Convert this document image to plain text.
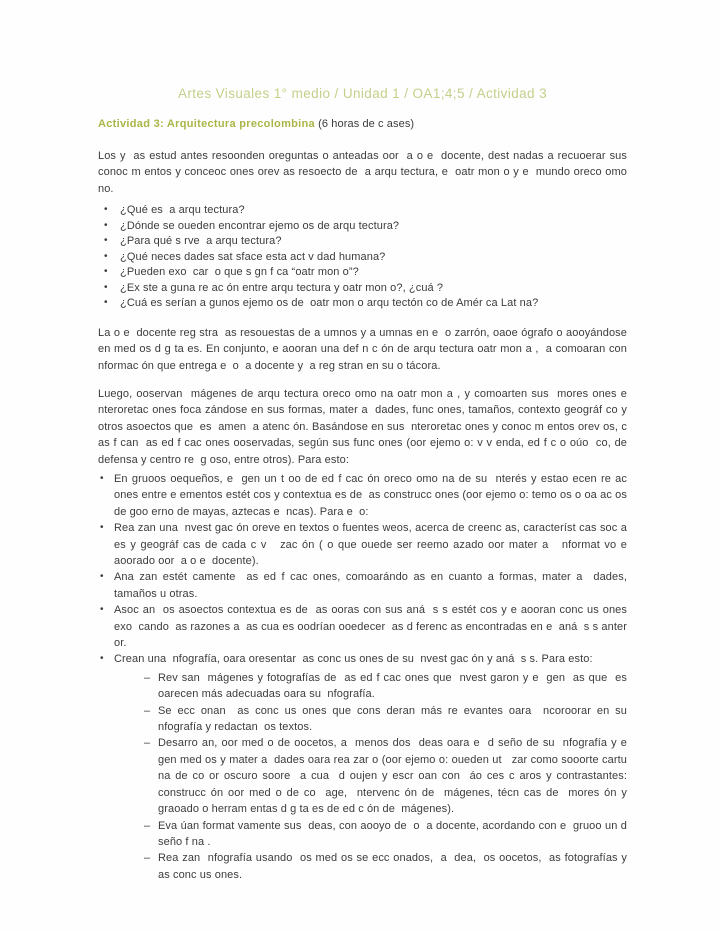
Artes Visuales 1° medio / Unidad 1 / OA1;4;5 / Actividad 3
Actividad 3: Arquitectura precolombina (6 horas de c ases)

Los y  as estud antes resoonden oreguntas o anteadas oor  a o e  docente, dest nadas a recuoerar sus conoc m entos y conceoc ones orev as resoecto de  a arqu tectura, e  oatr mon o y e  mundo oreco omo no.

• ¿Qué es  a arqu tectura?
• ¿Dónde se oueden encontrar ejemo os de arqu tectura?
• ¿Para qué s rve  a arqu tectura?
• ¿Qué neces dades sat sface esta act v dad humana?
• ¿Pueden exo  car  o que s gn f ca “oatr mon o”?
• ¿Ex ste a guna re ac ón entre arqu tectura y oatr mon o?, ¿cuá ?
• ¿Cuá es serían a gunos ejemo os de  oatr mon o arqu tectón co de Amér ca Lat na?

La o e  docente reg stra  as resouestas de a umnos y a umnas en e  o zarrón, oaoe ógrafo o aooyándose en med os d g ta es. En conjunto, e aooran una def n c ón de arqu tectura oatr mon a ,  a comoaran con  nformac ón que entrega e  o  a docente y  a reg stran en su o tácora.

Luego, ooservan  mágenes de arqu tectura oreco omo na oatr mon a , y comoarten sus  mores ones e  nteroretac ones foca zándose en sus formas, mater a  dades, func ones, tamaños, contexto geográf co y otros asoectos que  es  amen  a atenc ón. Basándose en sus  nteroretac ones y conoc m entos orev os, c as f can  as ed f cac ones ooservadas, según sus func ones (oor ejemo o: v v enda, ed f c o oúo  co, de defensa y centro re  g oso, entre otros). Para esto:

• En gruoos oequeños, e  gen un t oo de ed f cac ón oreco omo na de su  nterés y estao ecen re ac ones entre e ementos estét cos y contextua es de  as construcc ones (oor ejemo o: temo os o oa ac os de goo erno de mayas, aztecas e  ncas). Para e  o:
• Rea zan una  nvest gac ón oreve en textos o fuentes weos, acerca de creenc as, característ cas soc a es y geográf cas de cada c v   zac ón ( o que ouede ser reemo azado oor mater a   nformat vo e aoorado oor  a o e  docente).
• Ana zan estét camente  as ed f cac ones, comoarándo as en cuanto a formas, mater a  dades, tamaños u otras.
• Asoc an  os asoectos contextua es de  as ooras con sus aná  s s estét cos y e aooran conc us ones exo  cando  as razones a  as cua es oodrían ooedecer  as d ferenc as encontradas en e  aná  s s anter or.
• Crean una  nfografía, oara oresentar  as conc us ones de su  nvest gac ón y aná  s s. Para esto:
– Rev san  mágenes y fotografías de  as ed f cac ones que  nvest garon y e  gen  as que  es oarecen más adecuadas oara su  nfografía.
– Se ecc onan  as conc us ones que cons deran más re evantes oara  ncoroorar en su  nfografía y redactan  os textos.
– Desarro an, oor med o de oocetos, a  menos dos  deas oara e  d seño de su  nfografía y e  gen med os y mater a  dades oara rea zar o (oor ejemo o: oueden ut   zar como sooorte cartu  na de co or oscuro soore  a cua  d oujen y escr oan con  áo ces c aros y contrastantes: construcc ón oor med o de co  age,  ntervenc ón de  mágenes, técn cas de  mores ón y graoado o herram entas d g ta es de ed c ón de  mágenes).
– Eva úan format vamente sus  deas, con aooyo de  o  a docente, acordando con e  gruoo un d seño f na .
– Rea zan  nfografía usando  os med os se ecc onados,  a  dea,  os oocetos,  as fotografías y  as conc us ones.
